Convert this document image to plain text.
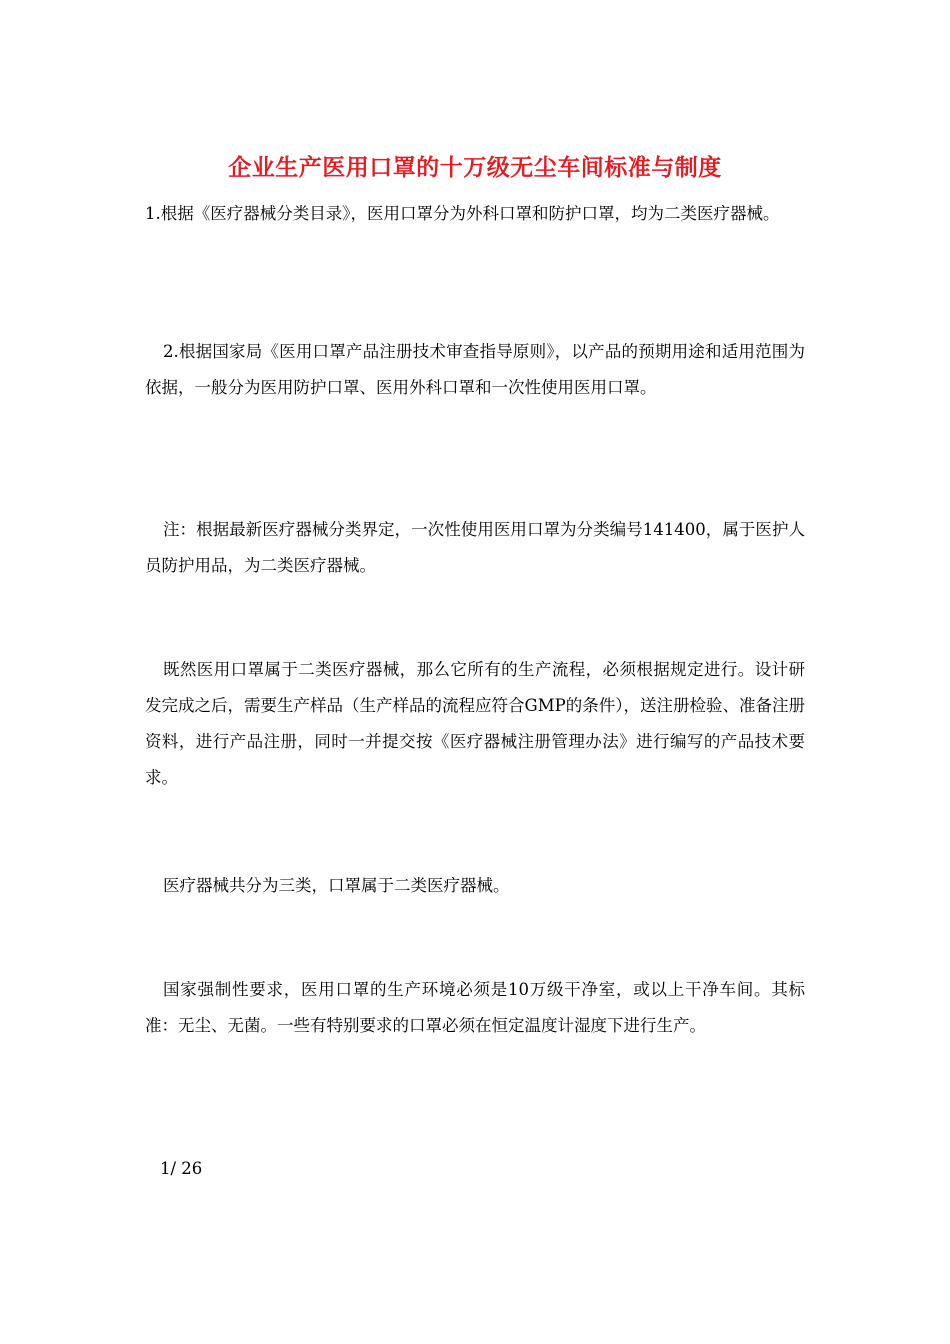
企业生产医用口罩的十万级无尘车间标准与制度

1.根据《医疗器械分类目录》，医用口罩分为外科口罩和防护口罩，均为二类医疗器械。

2.根据国家局《医用口罩产品注册技术审查指导原则》，以产品的预期用途和适用范围为依据，一般分为医用防护口罩、医用外科口罩和一次性使用医用口罩。

注：根据最新医疗器械分类界定，一次性使用医用口罩为分类编号141400，属于医护人员防护用品，为二类医疗器械。

既然医用口罩属于二类医疗器械，那么它所有的生产流程，必须根据规定进行。设计研发完成之后，需要生产样品（生产样品的流程应符合GMP的条件），送注册检验、准备注册资料，进行产品注册，同时一并提交按《医疗器械注册管理办法》进行编写的产品技术要求。

医疗器械共分为三类，口罩属于二类医疗器械。

国家强制性要求，医用口罩的生产环境必须是10万级干净室，或以上干净车间。其标准：无尘、无菌。一些有特别要求的口罩必须在恒定温度计湿度下进行生产。

1/ 26
